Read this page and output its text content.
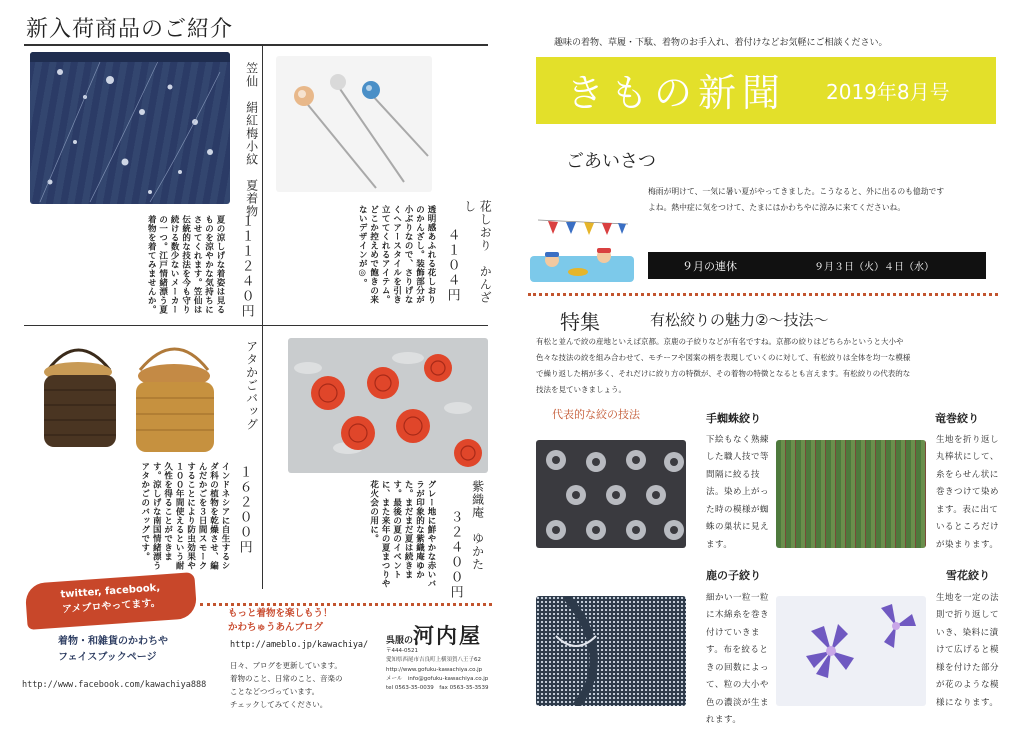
新入荷商品のご紹介
笠仙　絹紅梅小紋　夏着物
１１１２４０円
夏の涼しげな着姿は見るものを涼やかな気持ちにさせてくれます。笠仙は伝統的な技法を今も守り続ける数少ないメーカーの一つ。江戸情緒漂う夏着物を着てみませんか。	花しおり　かんざし
４１０４円
透明感あふれる花しおりのかんざし。装飾部分が小ぶりなので、さりげなくヘアースタイルを引き立ててくれるアイテム。どこか控えめで飽きの来ないデザインが◎。
アタかごバッグ
１６２００円
インドネシアに自生するシダ科の植物を乾燥させ、編んだかごを３日間スモークすることにより防虫効果や１００年間使えるという耐久性を得ることができます。涼しげな南国情緒漂うアタかごのバッグです。	紫織庵　ゆかた
３２４００円
グレー地に鮮やかな赤いバラが印象的な紫織庵ゆかた。まだまだ夏は続きます。最後の夏のイベントに、また来年の夏まつりや花火会の用に。
twitter, facebook,
アメブロやってます。
着物・和雑貨のかわちや
フェイスブックページ
http://www.facebook.com/kawachiya888
もっと着物を楽しもう！
かわちゅうあんブログ
http://ameblo.jp/kawachiya/
日々、ブログを更新しています。
着物のこと、日常のこと、音楽の
ことなどつづっています。
チェックしてみてください。
呉服の河内屋
〒444-0521
愛知県西尾市吉良町上横須賀八王子62
http://www.gofuku-kawachiya.co.jp
メール　info@gofuku-kawachiya.co.jp
tel 0563-35-0039　fax 0563-35-3539
趣味の着物、草履・下駄、着物のお手入れ、着付けなどお気軽にご相談ください。
きもの新聞 2019年8月号
ごあいさつ
梅雨が明けて、一気に暑い夏がやってきました。こうなると、外に出るのも億劫です
よね。熱中症に気をつけて、たまにはかわちやに涼みに来てくださいね。
９月の連休	９月３日（火）４日（水）
特集	有松絞りの魅力②〜技法〜
有松と並んで絞の産地といえば京都。京鹿の子絞りなどが有名ですね。京都の絞りはどちらかというと大小や
色々な技法の絞を組み合わせて、モチーフや図案の柄を表現していくのに対して、有松絞りは全体を均一な模様
で繰り返した柄が多く、それだけに絞り方の特徴が、その着物の特徴となるとも言えます。有松絞りの代表的な
技法を見ていきましょう。
代表的な絞の技法	手蜘蛛絞り
下絵もなく熟練した職人技で等間隔に絞る技法。染め上がった時の模様が蜘蛛の巣状に見えます。
竜巻絞り
生地を折り返し丸棒状にして、糸をらせん状に巻きつけて染めます。表に出ているところだけが染まります。
鹿の子絞り
細かい一粒一粒に木綿糸を巻き付けていきます。布を絞るときの回数によって、粒の大小や色の濃淡が生まれます。
雪花絞り
生地を一定の法則で折り返していき、染料に漬けて広げると模様を付けた部分が花のような模様になります。
